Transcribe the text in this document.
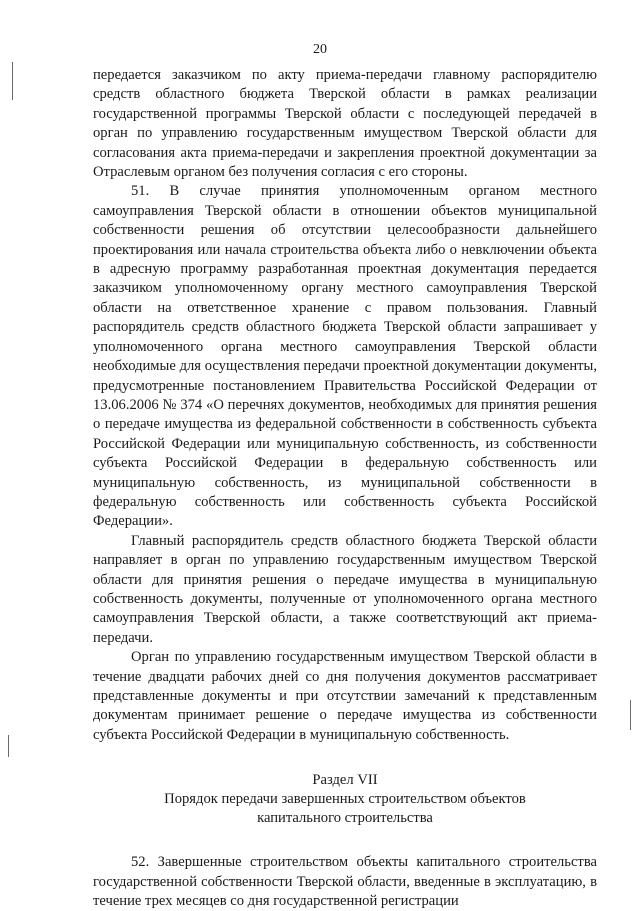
20

передается заказчиком по акту приема-передачи главному распорядителю средств областного бюджета Тверской области в рамках реализации государственной программы Тверской области с последующей передачей в орган по управлению государственным имуществом Тверской области для согласования акта приема-передачи и закрепления проектной документации за Отраслевым органом без получения согласия с его стороны.

51. В случае принятия уполномоченным органом местного самоуправления Тверской области в отношении объектов муниципальной собственности решения об отсутствии целесообразности дальнейшего проектирования или начала строительства объекта либо о невключении объекта в адресную программу разработанная проектная документация передается заказчиком уполномоченному органу местного самоуправления Тверской области на ответственное хранение с правом пользования. Главный распорядитель средств областного бюджета Тверской области запрашивает у уполномоченного органа местного самоуправления Тверской области необходимые для осуществления передачи проектной документации документы, предусмотренные постановлением Правительства Российской Федерации от 13.06.2006 № 374 «О перечнях документов, необходимых для принятия решения о передаче имущества из федеральной собственности в собственность субъекта Российской Федерации или муниципальную собственность, из собственности субъекта Российской Федерации в федеральную собственность или муниципальную собственность, из муниципальной собственности в федеральную собственность или собственность субъекта Российской Федерации».

Главный распорядитель средств областного бюджета Тверской области направляет в орган по управлению государственным имуществом Тверской области для принятия решения о передаче имущества в муниципальную собственность документы, полученные от уполномоченного органа местного самоуправления Тверской области, а также соответствующий акт приема-передачи.

Орган по управлению государственным имуществом Тверской области в течение двадцати рабочих дней со дня получения документов рассматривает представленные документы и при отсутствии замечаний к представленным документам принимает решение о передаче имущества из собственности субъекта Российской Федерации в муниципальную собственность.

Раздел VII
Порядок передачи завершенных строительством объектов
капитального строительства

52. Завершенные строительством объекты капитального строительства государственной собственности Тверской области, введенные в эксплуатацию, в течение трех месяцев со дня государственной регистрации
